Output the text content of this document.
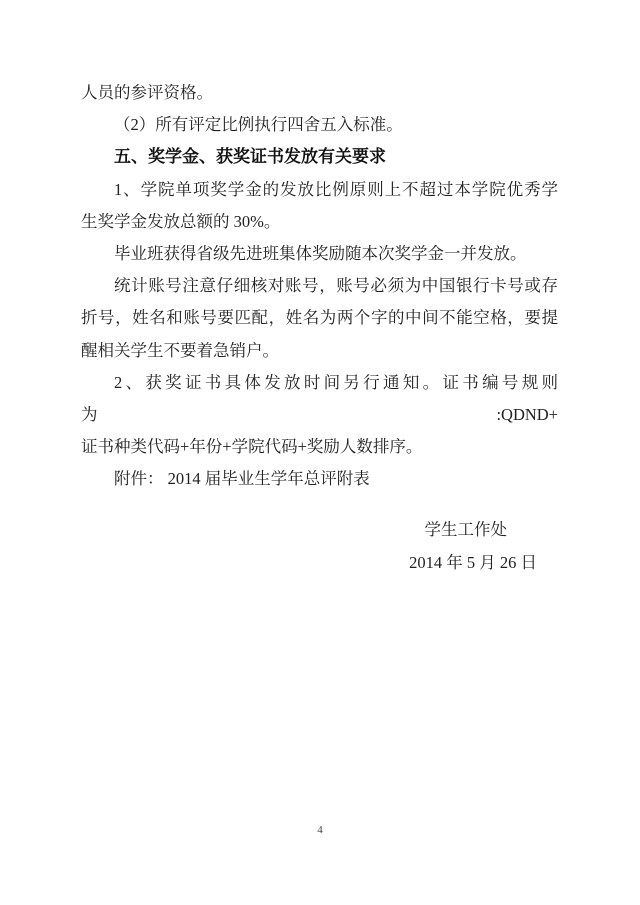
人员的参评资格。
（2）所有评定比例执行四舍五入标准。
五、奖学金、获奖证书发放有关要求
1、学院单项奖学金的发放比例原则上不超过本学院优秀学
生奖学金发放总额的 30%。
毕业班获得省级先进班集体奖励随本次奖学金一并发放。
统计账号注意仔细核对账号，账号必须为中国银行卡号或存
折号，姓名和账号要匹配，姓名为两个字的中间不能空格，要提
醒相关学生不要着急销户。
2、获奖证书具体发放时间另行通知。证书编号规则为:QDND+
证书种类代码+年份+学院代码+奖励人数排序。
附件： 2014 届毕业生学年总评附表
学生工作处
2014 年 5 月 26 日
4
